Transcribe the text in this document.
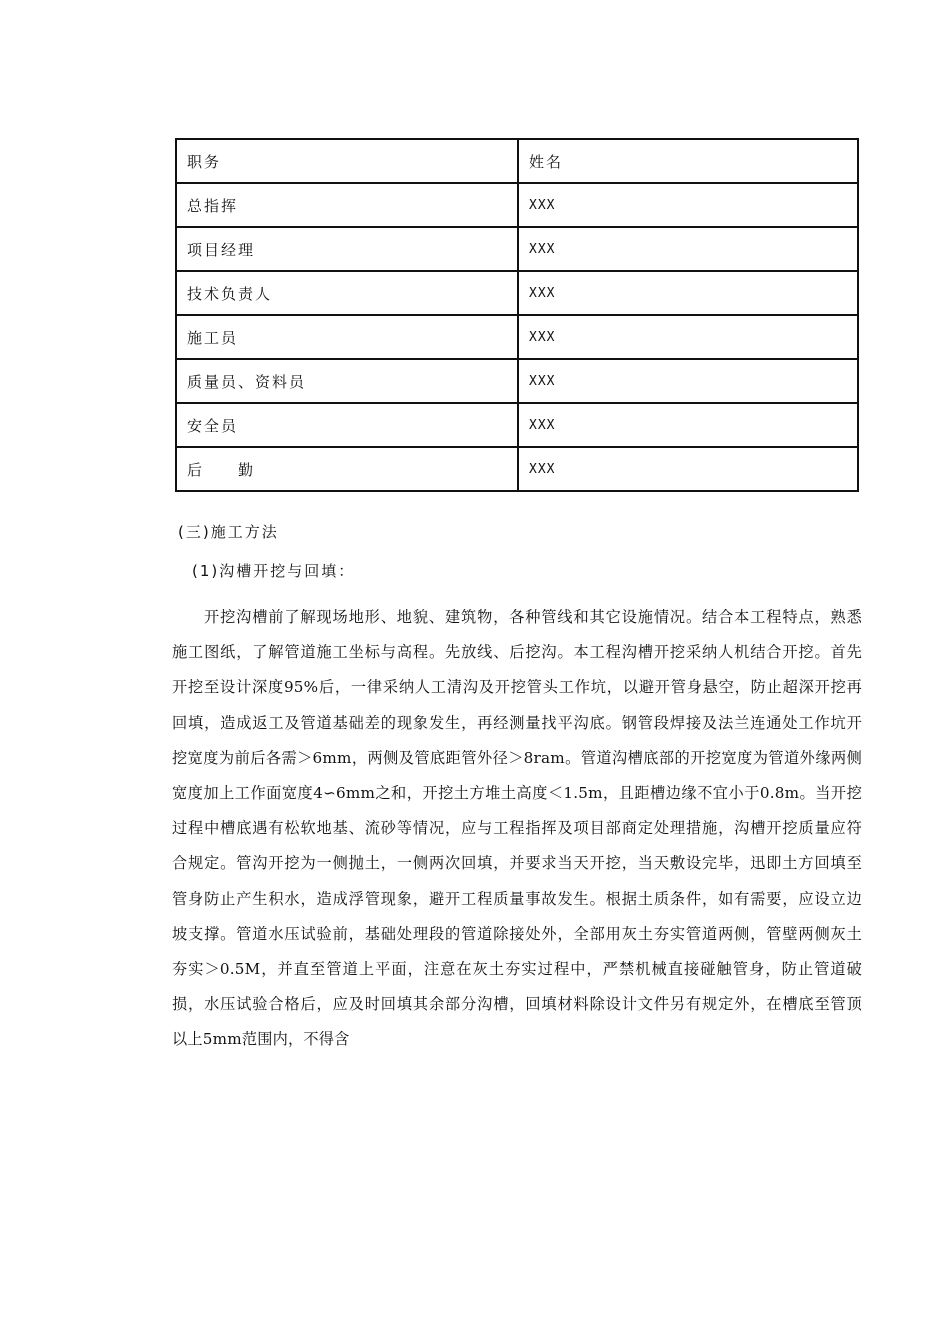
职务	姓名
总指挥	XXX
项目经理	XXX
技术负责人	XXX
施工员	XXX
质量员、资料员	XXX
安全员	XXX
后　　勤	XXX
(三)施工方法
(1)沟槽开挖与回填：
开挖沟槽前了解现场地形、地貌、建筑物，各种管线和其它设施情况。结合本工程特点，熟悉
施工图纸，了解管道施工坐标与高程。先放线、后挖沟。本工程沟槽开挖采纳人机结合开挖。首先
开挖至设计深度95%后，一律采纳人工清沟及开挖管头工作坑，以避开管身悬空，防止超深开挖再
回填，造成返工及管道基础差的现象发生，再经测量找平沟底。钢管段焊接及法兰连通处工作坑开
挖宽度为前后各需＞6mm，两侧及管底距管外径＞8ram。管道沟槽底部的开挖宽度为管道外缘两侧
宽度加上工作面宽度4∽6mm之和，开挖土方堆土高度＜1.5m，且距槽边缘不宜小于0.8m。当开挖
过程中槽底遇有松软地基、流砂等情况，应与工程指挥及项目部商定处理措施，沟槽开挖质量应符
合规定。管沟开挖为一侧抛土，一侧两次回填，并要求当天开挖，当天敷设完毕，迅即土方回填至
管身防止产生积水，造成浮管现象，避开工程质量事故发生。根据土质条件，如有需要，应设立边
坡支撑。管道水压试验前，基础处理段的管道除接处外，全部用灰土夯实管道两侧，管壁两侧灰土
夯实＞0.5M，并直至管道上平面，注意在灰土夯实过程中，严禁机械直接碰触管身，防止管道破
损，水压试验合格后，应及时回填其余部分沟槽，回填材料除设计文件另有规定外，在槽底至管顶
以上5mm范围内，不得含
